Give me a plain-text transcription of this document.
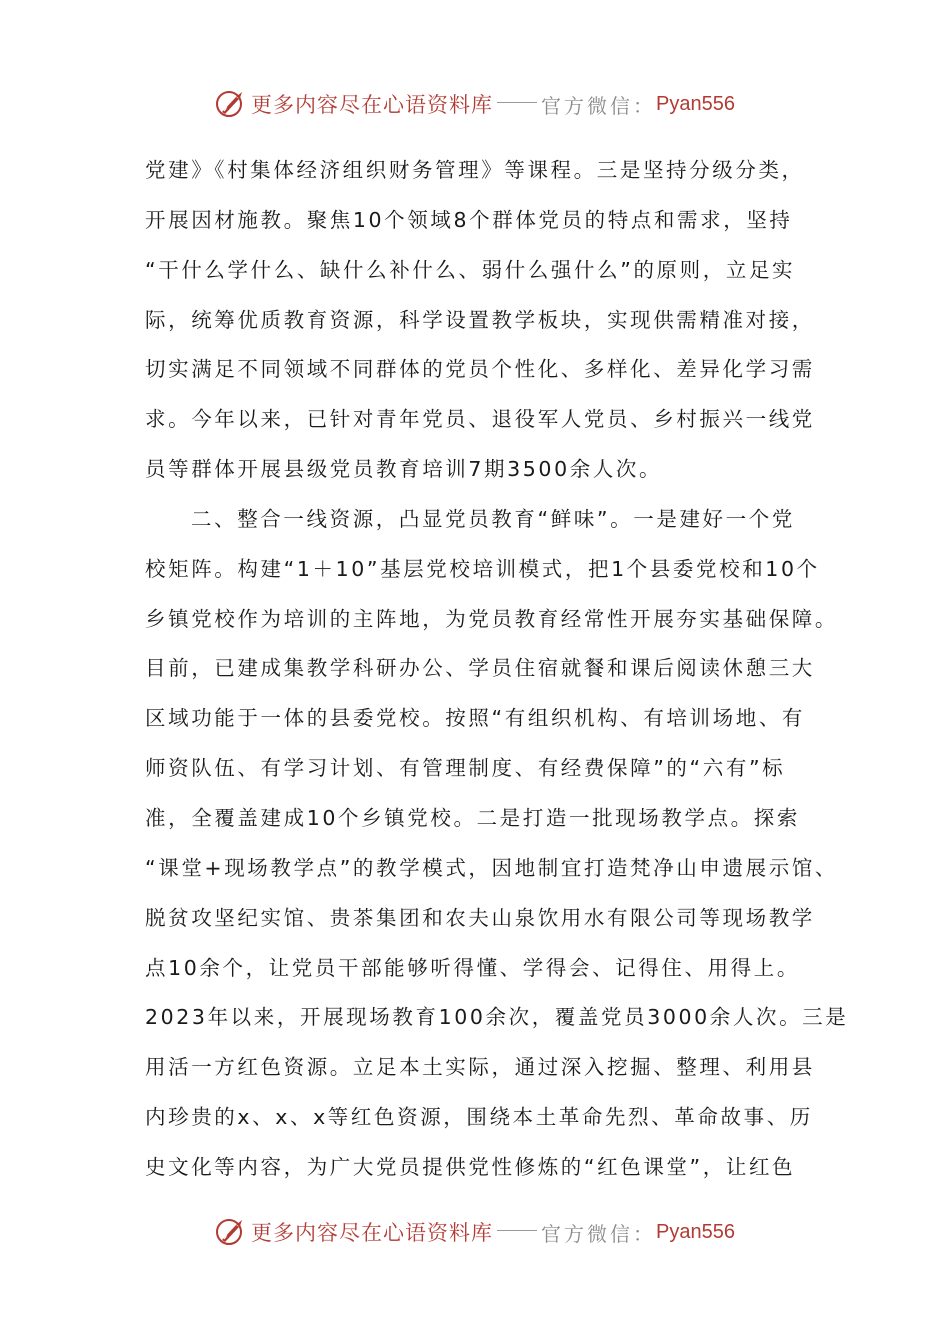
更多内容尽在心语资料库 官方微信： Pyan556
党建》《村集体经济组织财务管理》等课程。三是坚持分级分类，
开展因材施教。聚焦10个领域8个群体党员的特点和需求，坚持
“干什么学什么、缺什么补什么、弱什么强什么”的原则，立足实
际，统筹优质教育资源，科学设置教学板块，实现供需精准对接，
切实满足不同领域不同群体的党员个性化、多样化、差异化学习需
求。今年以来，已针对青年党员、退役军人党员、乡村振兴一线党
员等群体开展县级党员教育培训7期3500余人次。
二、整合一线资源，凸显党员教育“鲜味”。一是建好一个党
校矩阵。构建“1＋10”基层党校培训模式，把1个县委党校和10个
乡镇党校作为培训的主阵地，为党员教育经常性开展夯实基础保障。
目前，已建成集教学科研办公、学员住宿就餐和课后阅读休憩三大
区域功能于一体的县委党校。按照“有组织机构、有培训场地、有
师资队伍、有学习计划、有管理制度、有经费保障”的“六有”标
准，全覆盖建成10个乡镇党校。二是打造一批现场教学点。探索
“课堂+现场教学点”的教学模式，因地制宜打造梵净山申遗展示馆、
脱贫攻坚纪实馆、贵茶集团和农夫山泉饮用水有限公司等现场教学
点10余个，让党员干部能够听得懂、学得会、记得住、用得上。
2023年以来，开展现场教育100余次，覆盖党员3000余人次。三是
用活一方红色资源。立足本土实际，通过深入挖掘、整理、利用县
内珍贵的x、x、x等红色资源，围绕本土革命先烈、革命故事、历
史文化等内容，为广大党员提供党性修炼的“红色课堂”，让红色
更多内容尽在心语资料库 官方微信： Pyan556
